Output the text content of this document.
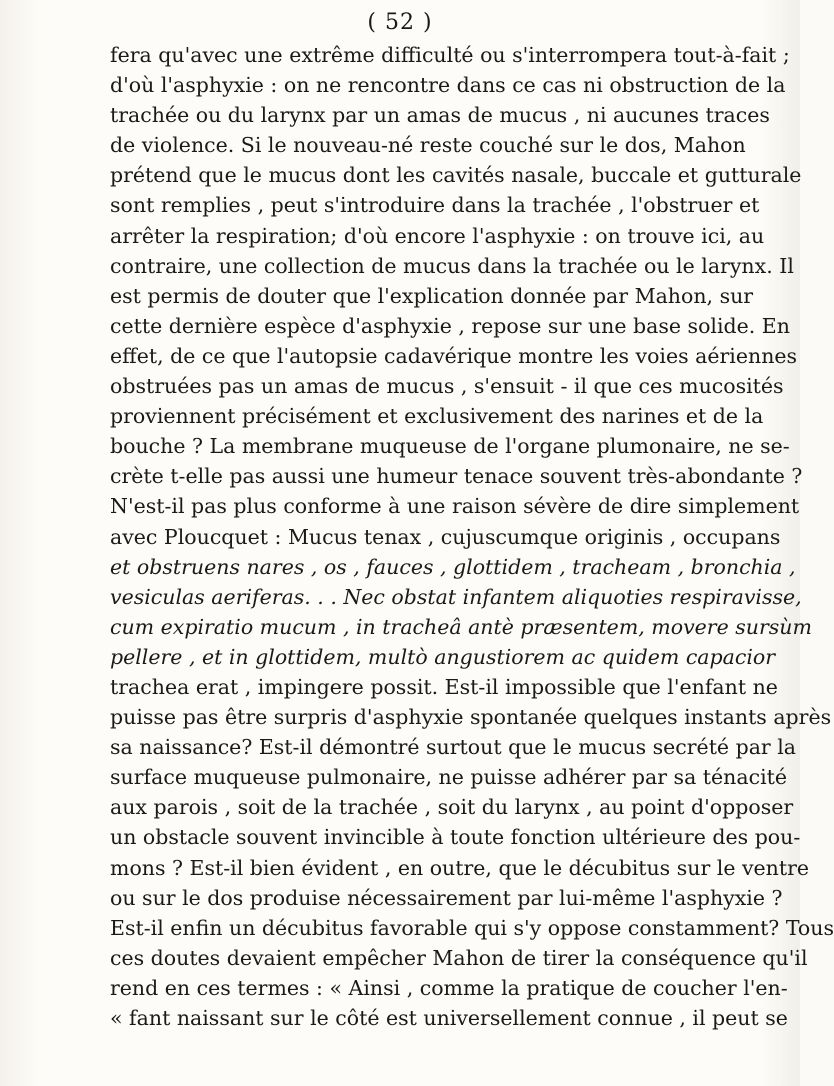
( 52 )
fera qu'avec une extrême difficulté ou s'interrompera tout-à-fait ;
d'où l'asphyxie : on ne rencontre dans ce cas ni obstruction de la
trachée ou du larynx par un amas de mucus , ni aucunes traces
de violence. Si le nouveau-né reste couché sur le dos, Mahon
prétend que le mucus dont les cavités nasale, buccale et gutturale
sont remplies , peut s'introduire dans la trachée , l'obstruer et
arrêter la respiration; d'où encore l'asphyxie : on trouve ici, au
contraire, une collection de mucus dans la trachée ou le larynx. Il
est permis de douter que l'explication donnée par Mahon, sur
cette dernière espèce d'asphyxie , repose sur une base solide. En
effet, de ce que l'autopsie cadavérique montre les voies aériennes
obstruées pas un amas de mucus , s'ensuit - il que ces mucosités
proviennent précisément et exclusivement des narines et de la
bouche ? La membrane muqueuse de l'organe plumonaire, ne se-
crète t-elle pas aussi une humeur tenace souvent très-abondante ?
N'est-il pas plus conforme à une raison sévère de dire simplement
avec Ploucquet : Mucus tenax , cujuscumque originis , occupans
et obstruens nares , os , fauces , glottidem , tracheam , bronchia ,
vesiculas aeriferas. . . Nec obstat infantem aliquoties respiravisse,
cum expiratio mucum , in tracheâ antè præsentem, movere sursùm
pellere , et in glottidem, multò angustiorem ac quidem capacior
trachea erat , impingere possit. Est-il impossible que l'enfant ne
puisse pas être surpris d'asphyxie spontanée quelques instants après
sa naissance? Est-il démontré surtout que le mucus secrété par la
surface muqueuse pulmonaire, ne puisse adhérer par sa ténacité
aux parois , soit de la trachée , soit du larynx , au point d'opposer
un obstacle souvent invincible à toute fonction ultérieure des pou-
mons ? Est-il bien évident , en outre, que le décubitus sur le ventre
ou sur le dos produise nécessairement par lui-même l'asphyxie ?
Est-il enfin un décubitus favorable qui s'y oppose constamment? Tous
ces doutes devaient empêcher Mahon de tirer la conséquence qu'il
rend en ces termes : « Ainsi , comme la pratique de coucher l'en-
« fant naissant sur le côté est universellement connue , il peut se
